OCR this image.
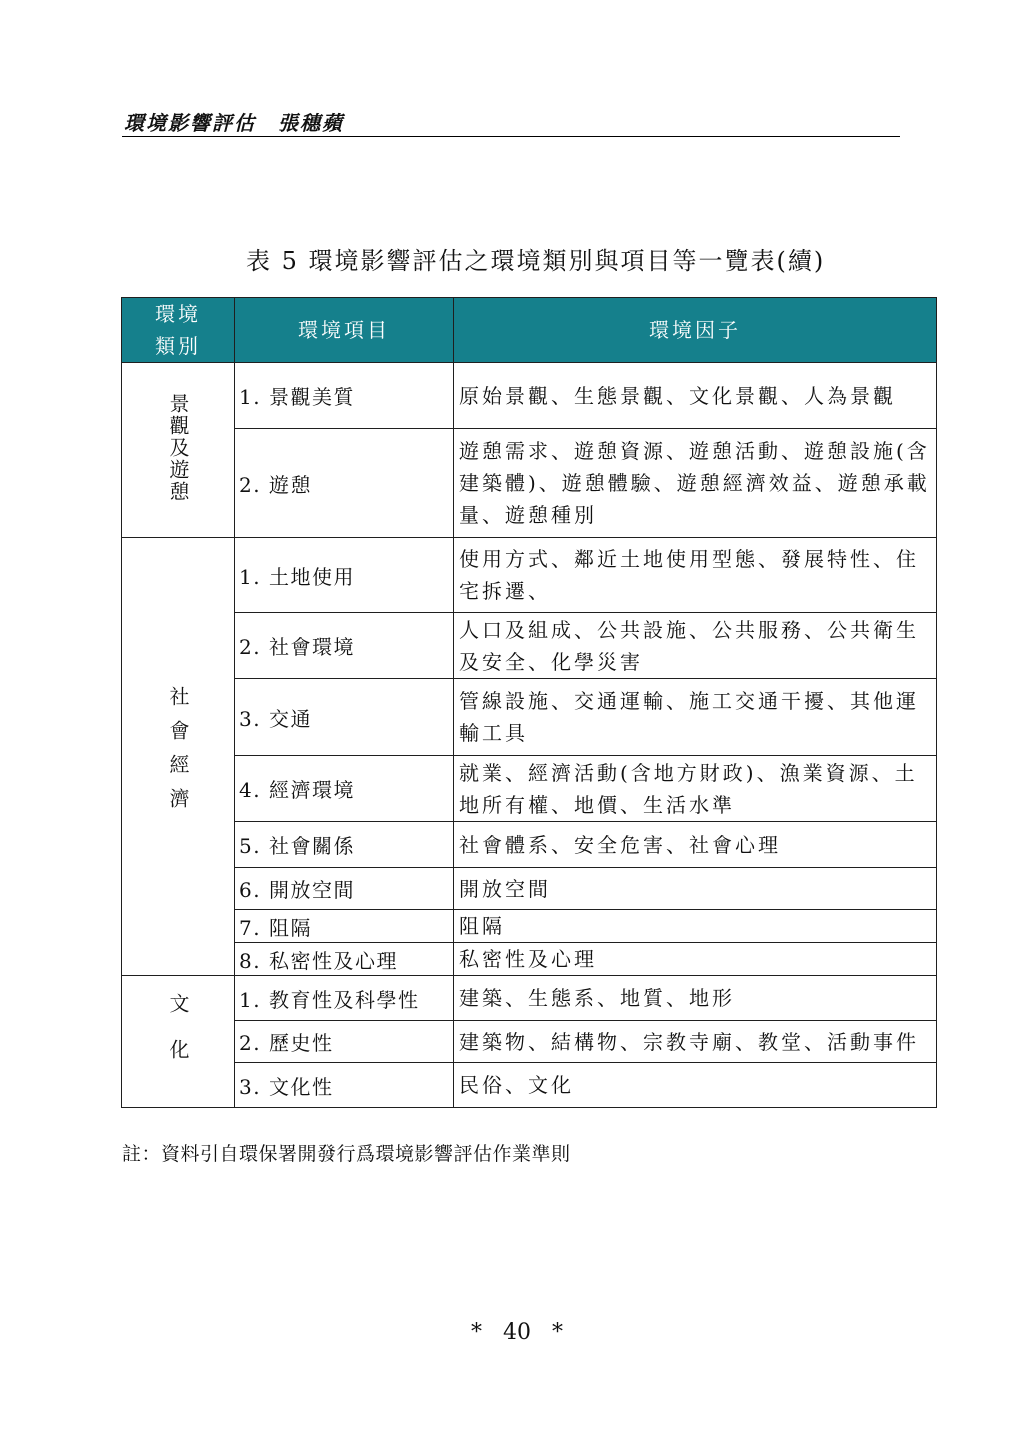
環境影響評估　張穗蘋
表 5 環境影響評估之環境類別與項目等一覽表(續)
環境
類別	環境項目	環境因子
景觀及遊憩	1. 景觀美質	原始景觀、生態景觀、文化景觀、人為景觀
	2. 遊憩	遊憩需求、遊憩資源、遊憩活動、遊憩設施(含建築體)、遊憩體驗、遊憩經濟效益、遊憩承載量、遊憩種別
社會經濟	1. 土地使用	使用方式、鄰近土地使用型態、發展特性、住宅拆遷、
	2. 社會環境	人口及組成、公共設施、公共服務、公共衛生及安全、化學災害
	3. 交通	管線設施、交通運輸、施工交通干擾、其他運輸工具
	4. 經濟環境	就業、經濟活動(含地方財政)、漁業資源、土地所有權、地價、生活水準
	5. 社會關係	社會體系、安全危害、社會心理
	6. 開放空間	開放空間
	7. 阻隔	阻隔
	8. 私密性及心理	私密性及心理
文化	1. 教育性及科學性	建築、生態系、地質、地形
	2. 歷史性	建築物、結構物、宗教寺廟、教堂、活動事件
	3. 文化性	民俗、文化
註：資料引自環保署開發行爲環境影響評估作業準則
* 40 *
